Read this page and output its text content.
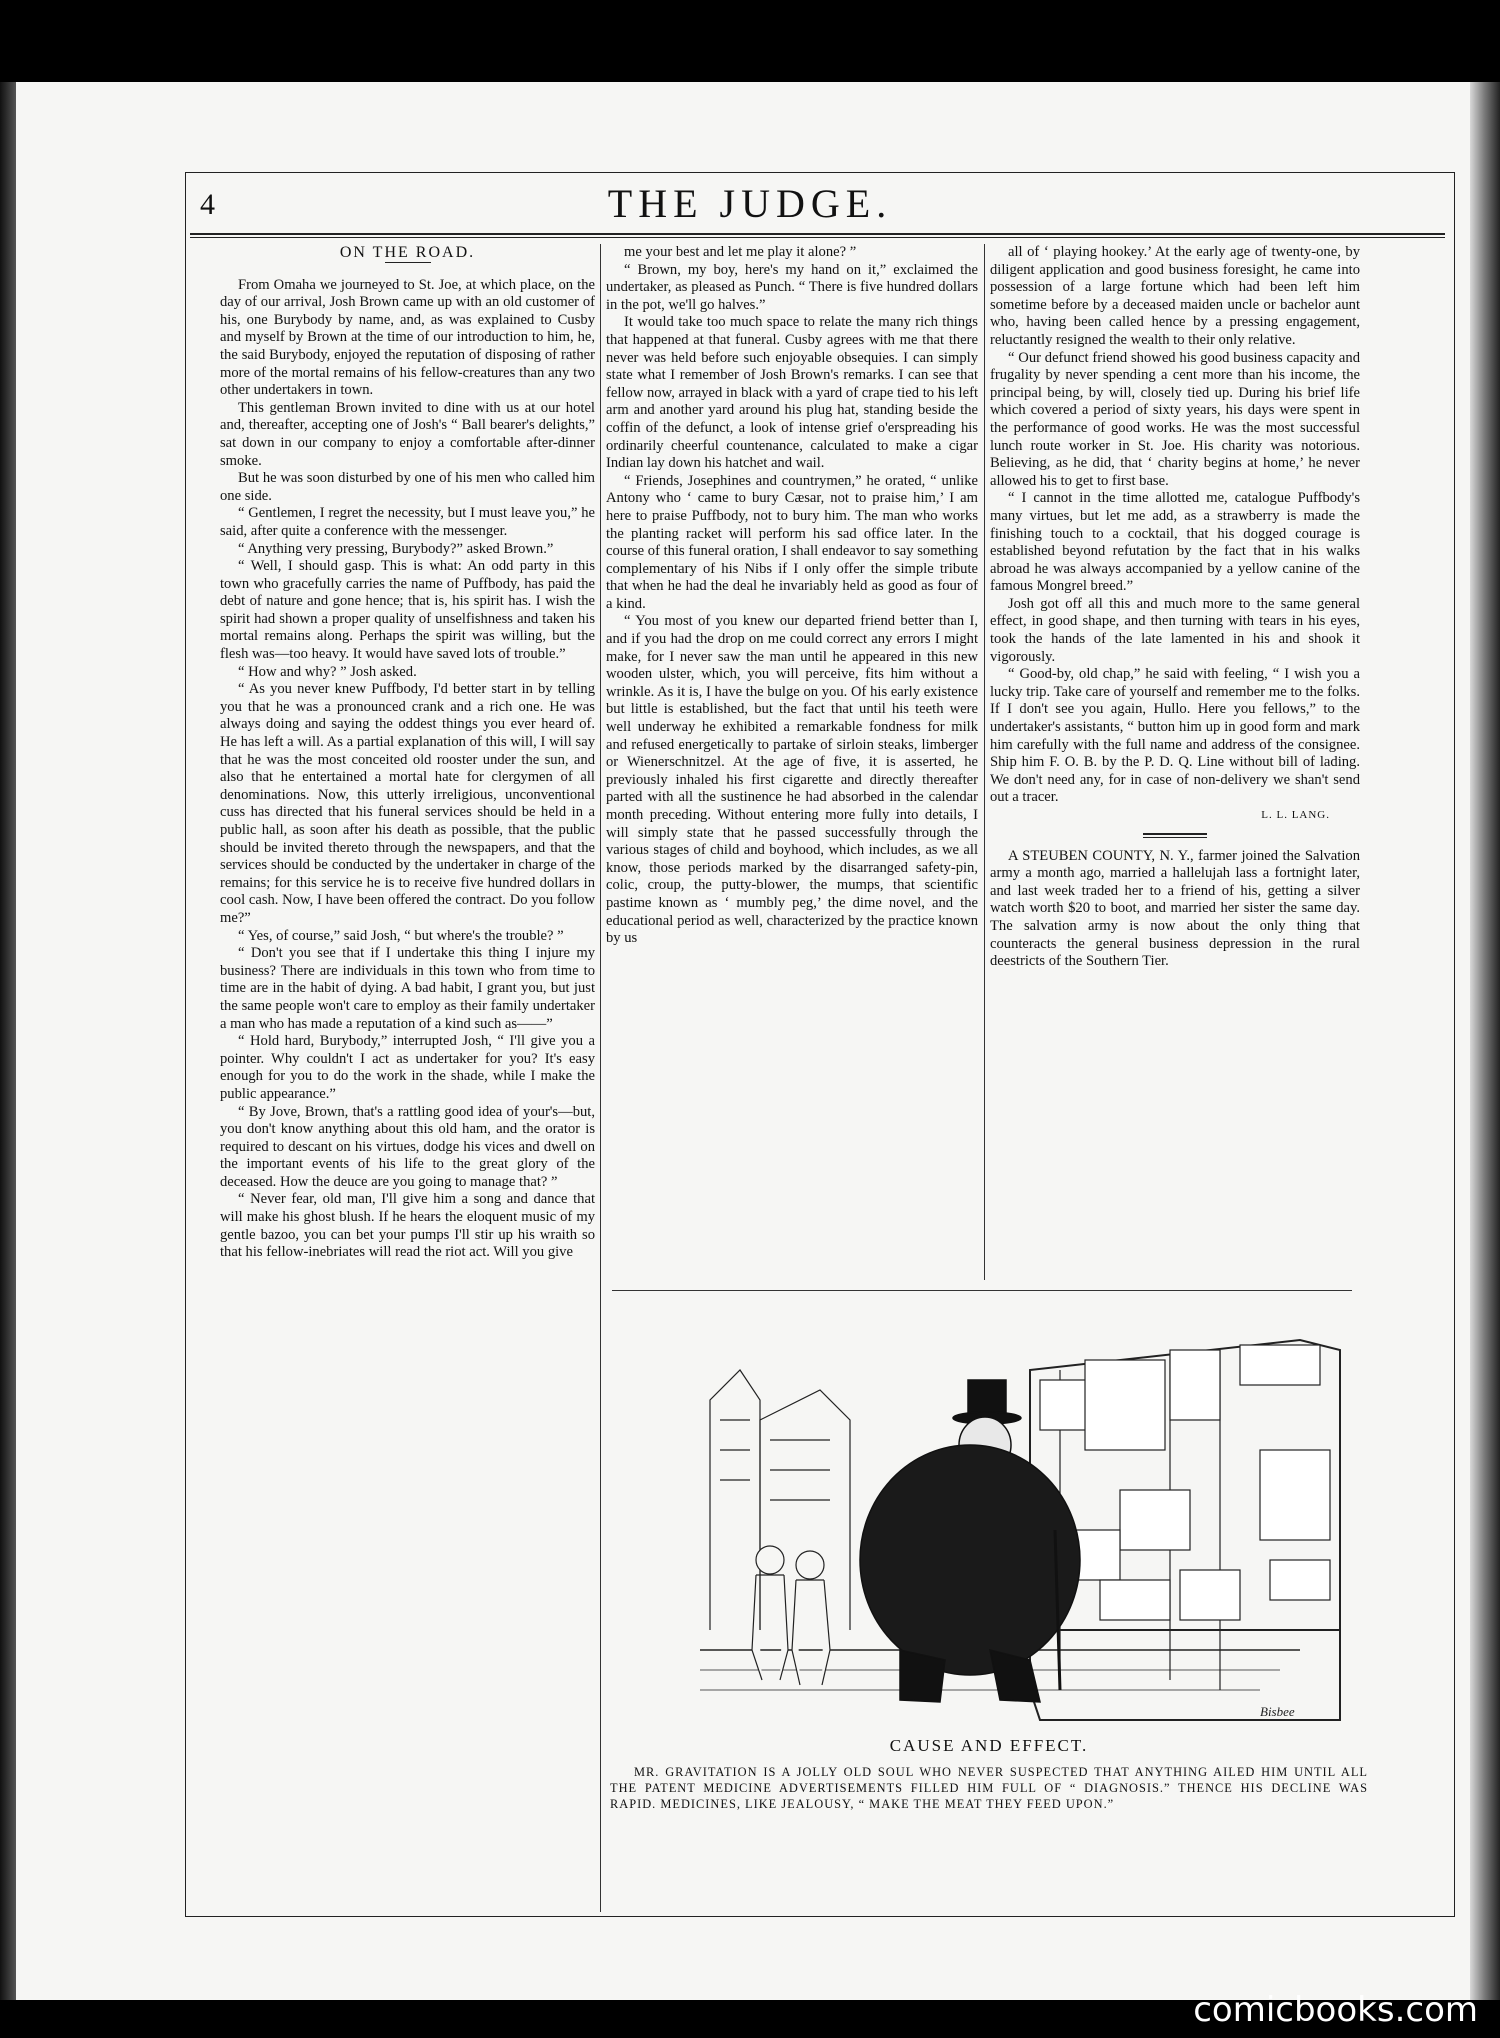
4	THE JUDGE.

ON THE ROAD.

From Omaha we journeyed to St. Joe, at which place, on the day of our arrival, Josh Brown came up with an old customer of his, one Burybody by name, and, as was explained to Cusby and myself by Brown at the time of our introduction to him, he, the said Burybody, enjoyed the reputation of disposing of rather more of the mortal remains of his fellow-creatures than any two other undertakers in town.

This gentleman Brown invited to dine with us at our hotel and, thereafter, accepting one of Josh's “ Ball bearer's delights,” sat down in our company to enjoy a comfortable after-dinner smoke.

But he was soon disturbed by one of his men who called him one side.

“ Gentlemen, I regret the necessity, but I must leave you,” he said, after quite a conference with the messenger.

“ Anything very pressing, Burybody?” asked Brown.”

“ Well, I should gasp. This is what: An odd party in this town who gracefully carries the name of Puffbody, has paid the debt of nature and gone hence; that is, his spirit has. I wish the spirit had shown a proper quality of unselfishness and taken his mortal remains along. Perhaps the spirit was willing, but the flesh was—too heavy. It would have saved lots of trouble.”

“ How and why? ” Josh asked.

“ As you never knew Puffbody, I'd better start in by telling you that he was a pronounced crank and a rich one. He was always doing and saying the oddest things you ever heard of. He has left a will. As a partial explanation of this will, I will say that he was the most conceited old rooster under the sun, and also that he entertained a mortal hate for clergymen of all denominations. Now, this utterly irreligious, unconventional cuss has directed that his funeral services should be held in a public hall, as soon after his death as possible, that the public should be invited thereto through the newspapers, and that the services should be conducted by the undertaker in charge of the remains; for this service he is to receive five hundred dollars in cool cash. Now, I have been offered the contract. Do you follow me?”

“ Yes, of course,” said Josh, “ but where's the trouble? ”

“ Don't you see that if I undertake this thing I injure my business? There are individuals in this town who from time to time are in the habit of dying. A bad habit, I grant you, but just the same people won't care to employ as their family undertaker a man who has made a reputation of a kind such as——”

“ Hold hard, Burybody,” interrupted Josh, “ I'll give you a pointer. Why couldn't I act as undertaker for you? It's easy enough for you to do the work in the shade, while I make the public appearance.”

“ By Jove, Brown, that's a rattling good idea of your's—but, you don't know anything about this old ham, and the orator is required to descant on his virtues, dodge his vices and dwell on the important events of his life to the great glory of the deceased. How the deuce are you going to manage that? ”

“ Never fear, old man, I'll give him a song and dance that will make his ghost blush. If he hears the eloquent music of my gentle bazoo, you can bet your pumps I'll stir up his wraith so that his fellow-inebriates will read the riot act. Will you give

me your best and let me play it alone? ”

“ Brown, my boy, here's my hand on it,” exclaimed the undertaker, as pleased as Punch. “ There is five hundred dollars in the pot, we'll go halves.”

It would take too much space to relate the many rich things that happened at that funeral. Cusby agrees with me that there never was held before such enjoyable obsequies. I can simply state what I remember of Josh Brown's remarks. I can see that fellow now, arrayed in black with a yard of crape tied to his left arm and another yard around his plug hat, standing beside the coffin of the defunct, a look of intense grief o'erspreading his ordinarily cheerful countenance, calculated to make a cigar Indian lay down his hatchet and wail.

“ Friends, Josephines and countrymen,” he orated, “ unlike Antony who ‘ came to bury Cæsar, not to praise him,’ I am here to praise Puffbody, not to bury him. The man who works the planting racket will perform his sad office later. In the course of this funeral oration, I shall endeavor to say something complementary of his Nibs if I only offer the simple tribute that when he had the deal he invariably held as good as four of a kind.

“ You most of you knew our departed friend better than I, and if you had the drop on me could correct any errors I might make, for I never saw the man until he appeared in this new wooden ulster, which, you will perceive, fits him without a wrinkle. As it is, I have the bulge on you. Of his early existence but little is established, but the fact that until his teeth were well underway he exhibited a remarkable fondness for milk and refused energetically to partake of sirloin steaks, limberger or Wienerschnitzel. At the age of five, it is asserted, he previously inhaled his first cigarette and directly thereafter parted with all the sustinence he had absorbed in the calendar month preceding. Without entering more fully into details, I will simply state that he passed successfully through the various stages of child and boyhood, which includes, as we all know, those periods marked by the disarranged safety-pin, colic, croup, the putty-blower, the mumps, that scientific pastime known as ‘ mumbly peg,’ the dime novel, and the educational period as well, characterized by the practice known by us

all of ‘ playing hookey.’ At the early age of twenty-one, by diligent application and good business foresight, he came into possession of a large fortune which had been left him sometime before by a deceased maiden uncle or bachelor aunt who, having been called hence by a pressing engagement, reluctantly resigned the wealth to their only relative.

“ Our defunct friend showed his good business capacity and frugality by never spending a cent more than his income, the principal being, by will, closely tied up. During his brief life which covered a period of sixty years, his days were spent in the performance of good works. He was the most successful lunch route worker in St. Joe. His charity was notorious. Believing, as he did, that ‘ charity begins at home,’ he never allowed his to get to first base.

“ I cannot in the time allotted me, catalogue Puffbody's many virtues, but let me add, as a strawberry is made the finishing touch to a cocktail, that his dogged courage is established beyond refutation by the fact that in his walks abroad he was always accompanied by a yellow canine of the famous Mongrel breed.”

Josh got off all this and much more to the same general effect, in good shape, and then turning with tears in his eyes, took the hands of the late lamented in his and shook it vigorously.

“ Good-by, old chap,” he said with feeling, “ I wish you a lucky trip. Take care of yourself and remember me to the folks. If I don't see you again, Hullo. Here you fellows,” to the undertaker's assistants, “ button him up in good form and mark him carefully with the full name and address of the consignee. Ship him F. O. B. by the P. D. Q. Line without bill of lading. We don't need any, for in case of non-delivery we shan't send out a tracer.

L. L. LANG.

A STEUBEN COUNTY, N. Y., farmer joined the Salvation army a month ago, married a hallelujah lass a fortnight later, and last week traded her to a friend of his, getting a silver watch worth $20 to boot, and married her sister the same day. The salvation army is now about the only thing that counteracts the general business depression in the rural deestricts of the Southern Tier.

Bisbee
CAUSE AND EFFECT.
MR. GRAVITATION IS A JOLLY OLD SOUL WHO NEVER SUSPECTED THAT ANYTHING AILED HIM UNTIL ALL THE PATENT MEDICINE ADVERTISEMENTS FILLED HIM FULL OF “ DIAGNOSIS.” THENCE HIS DECLINE WAS RAPID. MEDICINES, LIKE JEALOUSY, “ MAKE THE MEAT THEY FEED UPON.”
comicbooks.com
